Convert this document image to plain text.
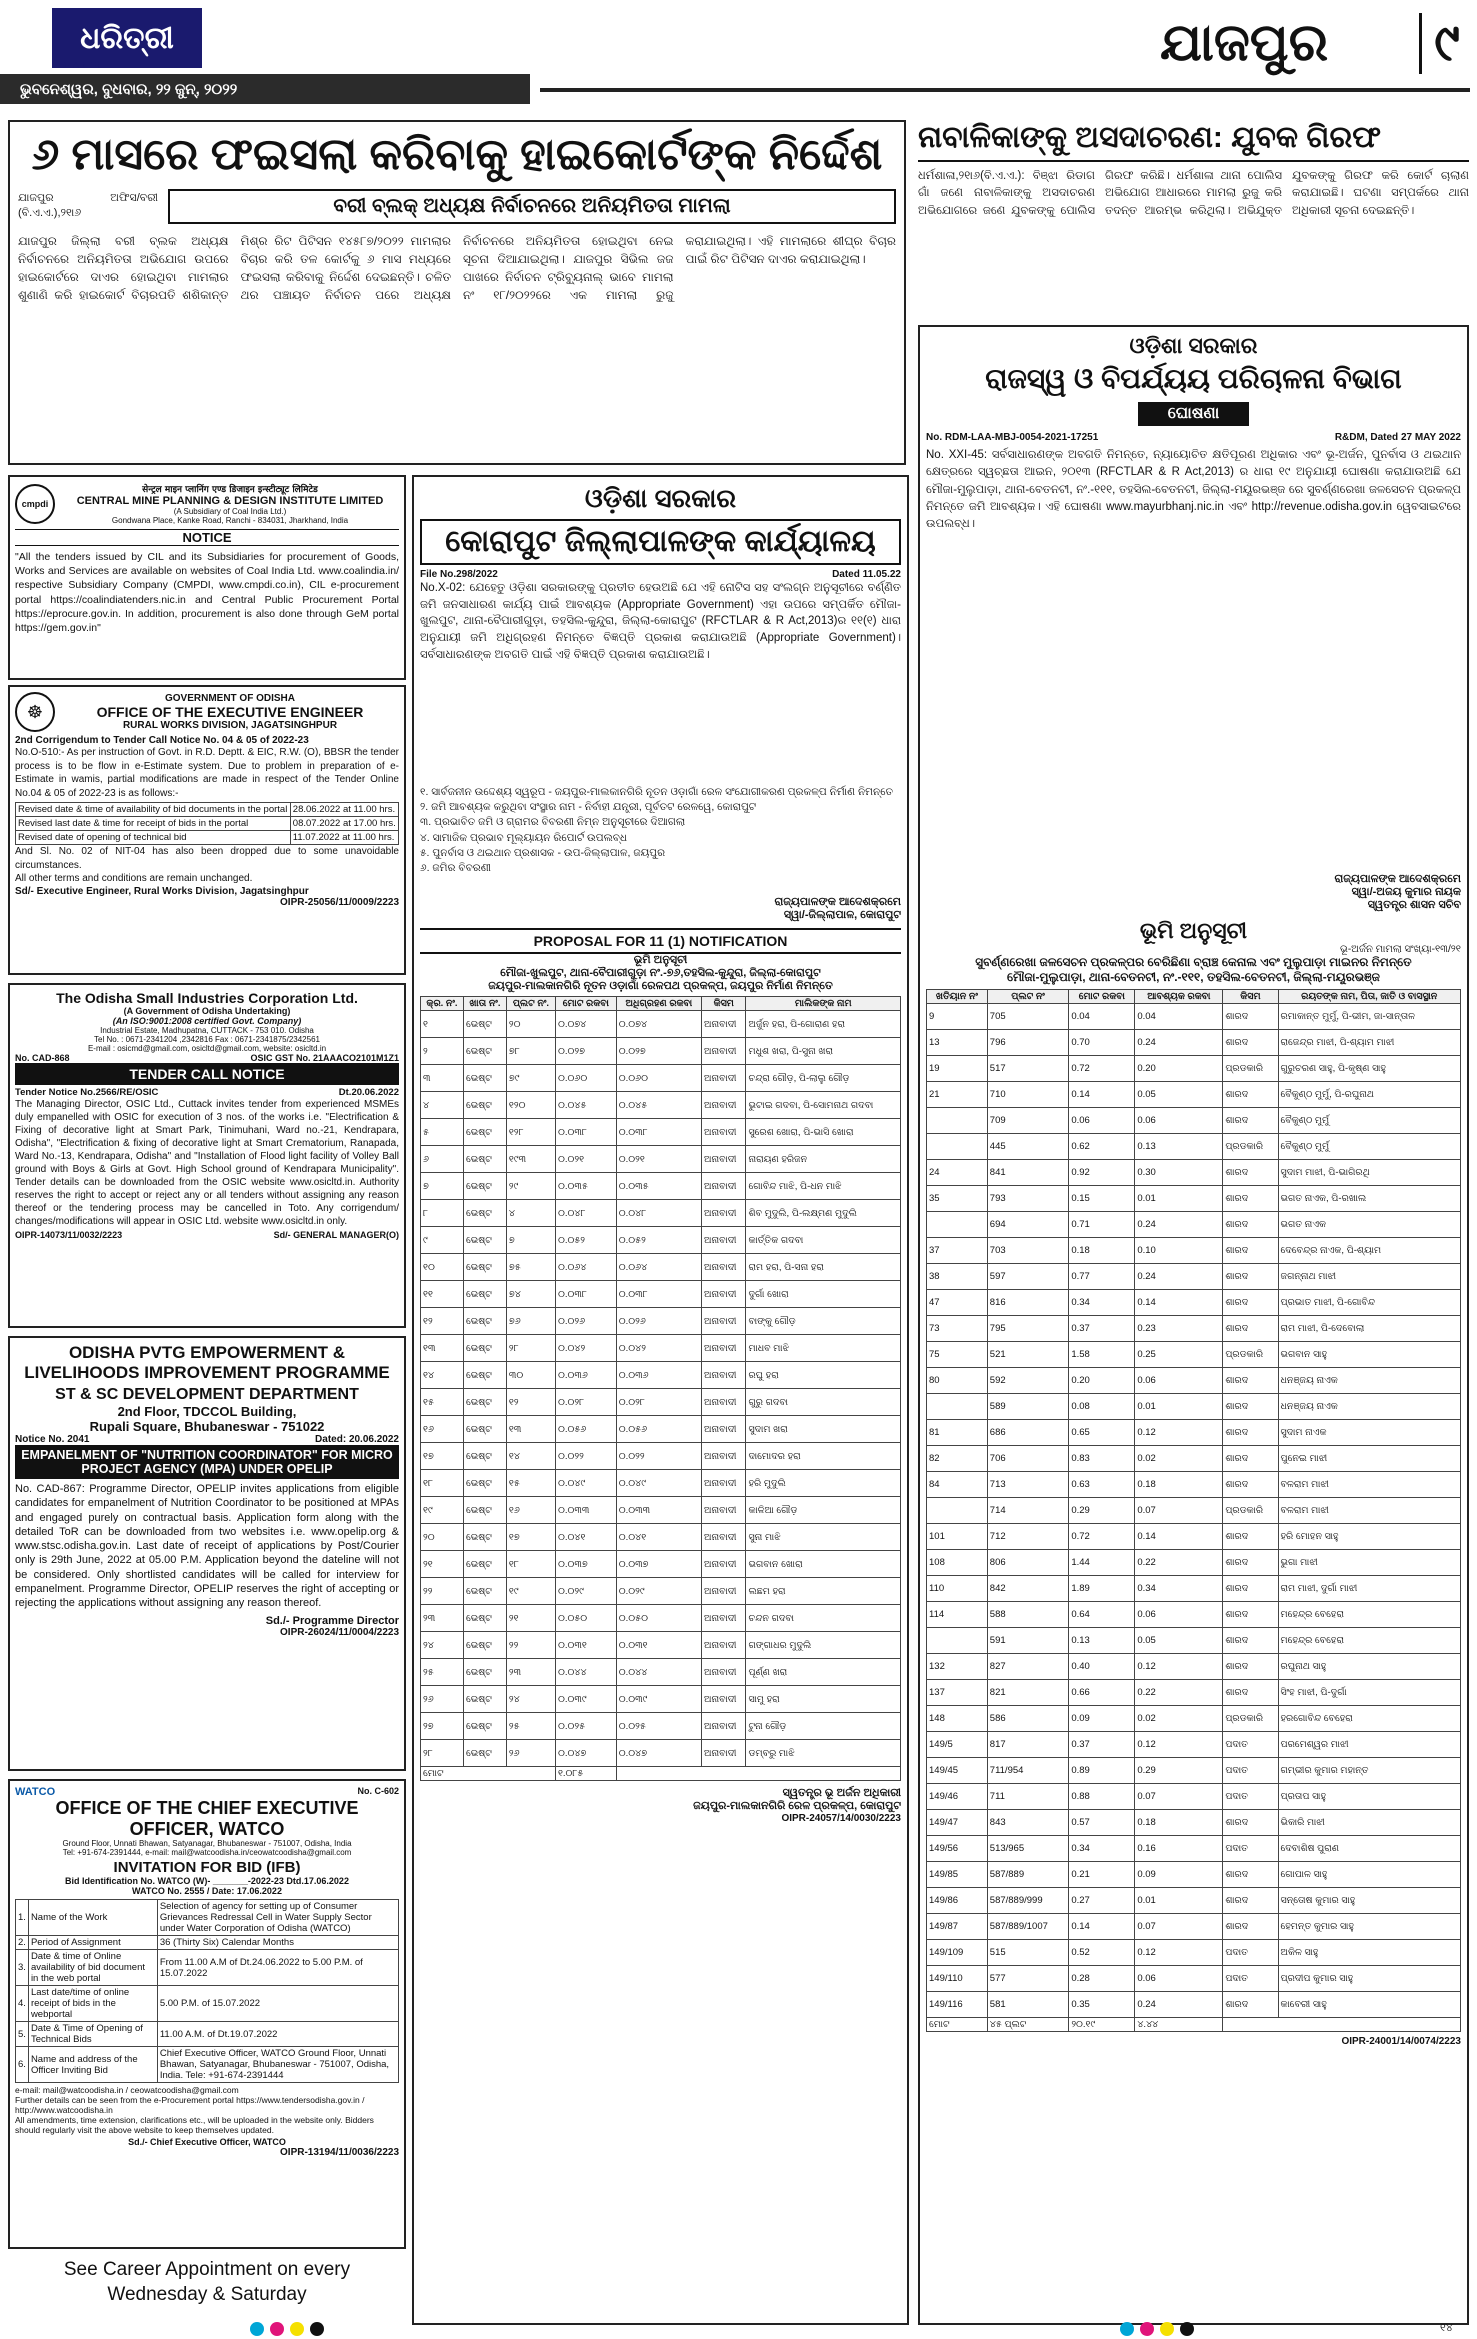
ଧରିତ୍ରୀ
DHARITRI
ଭୁବନେଶ୍ୱର, ବୁଧବାର, ୨୨ ଜୁନ୍, ୨୦୨୨
ଯାଜପୁର ୯
୬ ମାସରେ ଫଇସଲା କରିବାକୁ ହାଇକୋର୍ଟଙ୍କ ନିର୍ଦ୍ଦେଶ
ଯାଜପୁର ଅଫିସ/ବରୀ (ବି.ଏ.ଏ.),୨୧ା୬	ବରୀ ବ୍ଲକ୍ ଅଧ୍ୟକ୍ଷ ନିର୍ବାଚନରେ ଅନିୟମିତତା ମାମଲା
ଯାଜପୁର ଜିଲ୍ଲା ବରୀ ବ୍ଲକ ଅଧ୍ୟକ୍ଷ ନିର୍ବାଚନରେ ଅନିୟମିତତା ଅଭିଯୋଗ ଉପରେ ହାଇକୋର୍ଟରେ ଦାଏର ହୋଇଥିବା ମାମଲାର ଶୁଣାଣି କରି ହାଇକୋର୍ଟ ବିଚାରପତି ଶଶିକାନ୍ତ ମିଶ୍ର ରିଟ ପିଟିସନ ୧୪୫୮୭/୨୦୨୨ ମାମଲାର ବିଚାର କରି ତଳ କୋର୍ଟକୁ ୬ ମାସ ମଧ୍ୟରେ ଫଇସଲା କରିବାକୁ ନିର୍ଦ୍ଦେଶ ଦେଇଛନ୍ତି। ଚଳିତ ଥର ପଞ୍ଚାୟତ ନିର୍ବାଚନ ପରେ ଅଧ୍ୟକ୍ଷ ନିର୍ବାଚନରେ ଅନିୟମିତତା ହୋଇଥିବା ନେଇ ସୂଚନା ଦିଆଯାଇଥିଲା। ଯାଜପୁର ସିଭିଲ ଜଜ ପାଖରେ ନିର୍ବାଚନ ଟ୍ରିବ୍ୟୁନାଲ୍ ଭାବେ ମାମଲା ନଂ ୧୮/୨୦୨୨ରେ ଏକ ମାମଲା ରୁଜୁ କରାଯାଇଥିଲା। ଏହି ମାମଲାରେ ଶୀଘ୍ର ବିଚାର ପାଇଁ ରିଟ ପିଟିସନ ଦାଏର କରାଯାଇଥିଲା।
ନାବାଳିକାଙ୍କୁ ଅସଦାଚରଣ: ଯୁବକ ଗିରଫ
ଧର୍ମଶାଳା,୨୧ା୬(ବି.ଏ.ଏ.): ବିଞ୍ଝା ରିଡାଗ ଗାଁ ଜଣେ ନାବାଳିକାଙ୍କୁ ଅସଦାଚରଣ ଅଭିଯୋଗରେ ଜଣେ ଯୁବକଙ୍କୁ ପୋଲିସ ଗିରଫ କରିଛି। ଧର୍ମଶାଳା ଥାନା ପୋଲିସ ଅଭିଯୋଗ ଆଧାରରେ ମାମଲା ରୁଜୁ କରି ତଦନ୍ତ ଆରମ୍ଭ କରିଥିଲା। ଅଭିଯୁକ୍ତ ଯୁବକଙ୍କୁ ଗିରଫ କରି କୋର୍ଟ ଚାଲାଣ କରାଯାଇଛି। ଘଟଣା ସମ୍ପର୍କରେ ଥାନା ଅଧିକାରୀ ସୂଚନା ଦେଇଛନ୍ତି।
ଓଡ଼ିଶା ସରକାର
ରାଜସ୍ୱ ଓ ବିପର୍ଯ୍ୟୟ ପରିଚାଳନା ବିଭାଗ
ଘୋଷଣା
No. RDM-LAA-MBJ-0054-2021-17251	R&DM, Dated 27 MAY 2022
No. XXI-45: ସର୍ବସାଧାରଣଙ୍କ ଅବଗତି ନିମନ୍ତେ, ନ୍ୟାୟୋଚିତ କ୍ଷତିପୂରଣ ଅଧିକାର ଏବଂ ଭୂ-ଅର୍ଜନ, ପୁନର୍ବାସ ଓ ଥଇଥାନ କ୍ଷେତ୍ରରେ ସ୍ୱଚ୍ଛତା ଆଇନ, ୨୦୧୩ (RFCTLAR & R Act,2013) ର ଧାରା ୧୯ ଅନୁଯାୟୀ ଘୋଷଣା କରାଯାଉଅଛି ଯେ ମୌଜା-ମୁଲୁପାଡ଼ା, ଥାନା-ବେତନଟୀ, ନଂ.-୧୧୧, ତହସିଲ-ବେତନଟୀ, ଜିଲ୍ଲା-ମୟୂରଭଞ୍ଜ ରେ ସୁବର୍ଣ୍ଣରେଖା ଜଳସେଚନ ପ୍ରକଳ୍ପ ନିମନ୍ତେ ଜମି ଆବଶ୍ୟକ। ଏହି ଘୋଷଣା www.mayurbhanj.nic.in ଏବଂ http://revenue.odisha.gov.in ୱେବସାଇଟରେ ଉପଲବ୍ଧ।
ରାଜ୍ୟପାଳଙ୍କ ଆଦେଶକ୍ରମେ
ସ୍ୱା/-ଅଜୟ କୁମାର ନାୟକ
ସ୍ୱତନ୍ତ୍ର ଶାସନ ସଚିବ
ଭୂମି ଅନୁସୂଚୀ
ଭୂ-ଅର୍ଜନ ମାମଲା ସଂଖ୍ୟା-୧୩/୨୧
ସୁବର୍ଣ୍ଣରେଖା ଜଳସେଚନ ପ୍ରକଳ୍ପର ବେରିଛିଣା ବ୍ରାଞ୍ଚ କେନାଲ ଏବଂ ମୁଲୁପାଡ଼ା ମାଇନର ନିମନ୍ତେ
ମୌଜା-ମୁଲୁପାଡ଼ା, ଥାନା-ବେତନଟୀ, ନଂ.-୧୧୧, ତହସିଲ-ବେତନଟୀ, ଜିଲ୍ଲା-ମୟୂରଭଞ୍ଜ
ଖତିୟାନ ନଂ	ପ୍ଲଟ ନଂ	ମୋଟ ରକବା	ଆବଶ୍ୟକ ରକବା	କିସମ	ରୟତଙ୍କ ନାମ, ପିତା, ଜାତି ଓ ବାସସ୍ଥାନ
9	705	0.04	0.04	ଶାରଦ	ରମାକାନ୍ତ ମୁର୍ମୁ, ପି-ଭୀମ, ଜା-ସାନ୍ତାଳ
13	796	0.70	0.24	ଶାରଦ	ରାଜେନ୍ଦ୍ର ମାଝୀ, ପି-ଶ୍ୟାମ ମାଝୀ
19	517	0.72	0.20	ପ୍ରଡକାରି	ଗୁରୁଚରଣ ସାହୁ, ପି-କୃଷ୍ଣ ସାହୁ
21	710	0.14	0.05	ଶାରଦ	ବୈକୁଣ୍ଠ ମୁର୍ମୁ, ପି-ରଘୁନାଥ
	709	0.06	0.06	ଶାରଦ	ବୈକୁଣ୍ଠ ମୁର୍ମୁ
	445	0.62	0.13	ପ୍ରଡକାରି	ବୈକୁଣ୍ଠ ମୁର୍ମୁ
24	841	0.92	0.30	ଶାରଦ	ସୁଦାମ ମାଝୀ, ପି-ଭାଗିରଥି
35	793	0.15	0.01	ଶାରଦ	ଭଗତ ନାଏକ, ପି-ରଖାଲ
	694	0.71	0.24	ଶାରଦ	ଭଗତ ନାଏକ
37	703	0.18	0.10	ଶାରଦ	ଦେବେନ୍ଦ୍ର ନାଏକ, ପି-ଶ୍ୟାମ
38	597	0.77	0.24	ଶାରଦ	ଜଗନ୍ନାଥ ମାଝୀ
47	816	0.34	0.14	ଶାରଦ	ପ୍ରଭାତ ମାଝୀ, ପି-ଗୋବିନ୍ଦ
73	795	0.37	0.23	ଶାରଦ	ରାମ ମାଝୀ, ପି-ଦେବୋଲା
75	521	1.58	0.25	ପ୍ରଡକାରି	ଭଗବାନ ସାହୁ
80	592	0.20	0.06	ଶାରଦ	ଧନଞ୍ଜୟ ନାଏକ
	589	0.08	0.01	ଶାରଦ	ଧନଞ୍ଜୟ ନାଏକ
81	686	0.65	0.12	ଶାରଦ	ସୁଦାମ ନାଏକ
82	706	0.83	0.02	ଶାରଦ	ପୁନେଇ ମାଝୀ
84	713	0.63	0.18	ଶାରଦ	ବଳରାମ ମାଝୀ
	714	0.29	0.07	ପ୍ରଡକାରି	ବଳରାମ ମାଝୀ
101	712	0.72	0.14	ଶାରଦ	ହରି ମୋହନ ସାହୁ
108	806	1.44	0.22	ଶାରଦ	ଭୁଗା ମାଝୀ
110	842	1.89	0.34	ଶାରଦ	ରାମ ମାଝୀ, ଦୁର୍ଗା ମାଝୀ
114	588	0.64	0.06	ଶାରଦ	ମହେନ୍ଦ୍ର ବେହେରା
	591	0.13	0.05	ଶାରଦ	ମହେନ୍ଦ୍ର ବେହେରା
132	827	0.40	0.12	ଶାରଦ	ରଘୁନାଥ ସାହୁ
137	821	0.66	0.22	ଶାରଦ	ସିଂହ ମାଝୀ, ପି-ଦୁର୍ଗା
148	586	0.09	0.02	ପ୍ରଡକାରି	ହରଗୋବିନ୍ଦ ବେହେରା
149/5	817	0.37	0.12	ପଦାତ	ପରମେଶ୍ୱର ମାଝୀ
149/45	711/954	0.89	0.29	ପଦାତ	ଗମ୍ଭୀର କୁମାର ମହାନ୍ତ
149/46	711	0.88	0.07	ପଦାତ	ପ୍ରତାପ ସାହୁ
149/47	843	0.57	0.18	ଶାରଦ	ଭିକାରି ମାଝୀ
149/56	513/965	0.34	0.16	ପଦାତ	ଦେବାଶିଷ ପୁରାଣ
149/85	587/889	0.21	0.09	ଶାରଦ	ଗୋପାଳ ସାହୁ
149/86	587/889/999	0.27	0.01	ଶାରଦ	ସନ୍ତୋଷ କୁମାର ସାହୁ
149/87	587/889/1007	0.14	0.07	ଶାରଦ	ହେମନ୍ତ କୁମାର ସାହୁ
149/109	515	0.52	0.12	ପଦାତ	ଅକିଳ ସାହୁ
149/110	577	0.28	0.06	ପଦାତ	ପ୍ରଦୀପ କୁମାର ସାହୁ
149/116	581	0.35	0.24	ଶାରଦ	କାବେରୀ ସାହୁ
ମୋଟ	୪୫ ପ୍ଲଟ	୨୦.୧୯	୪.୪୪		
OIPR-24001/14/0074/2223
cmpdi
सेन्ट्रल माइन प्लानिंग एण्ड डिजाइन इन्स्टीट्यूट लिमिटेड
CENTRAL MINE PLANNING & DESIGN INSTITUTE LIMITED
(A Subsidiary of Coal India Ltd.)
Gondwana Place, Kanke Road, Ranchi - 834031, Jharkhand, India
NOTICE
"All the tenders issued by CIL and its Subsidiaries for procurement of Goods, Works and Services are available on websites of Coal India Ltd. www.coalindia.in/ respective Subsidiary Company (CMPDI, www.cmpdi.co.in), CIL e-procurement portal https://coalindiatenders.nic.in and Central Public Procurement Portal https://eprocure.gov.in. In addition, procurement is also done through GeM portal https://gem.gov.in"
☸
GOVERNMENT OF ODISHA
OFFICE OF THE EXECUTIVE ENGINEER
RURAL WORKS DIVISION, JAGATSINGHPUR
2nd Corrigendum to Tender Call Notice No. 04 & 05 of 2022-23
No.O-510:- As per instruction of Govt. in R.D. Deptt. & EIC, R.W. (O), BBSR the tender process is to be flow in e-Estimate system. Due to problem in preparation of e-Estimate in wamis, partial modifications are made in respect of the Tender Online No.04 & 05 of 2022-23 is as follows:-
Revised date & time of availability of bid documents in the portal	28.06.2022 at 11.00 hrs.
Revised last date & time for receipt of bids in the portal	08.07.2022 at 17.00 hrs.
Revised date of opening of technical bid	11.07.2022 at 11.00 hrs.
And Sl. No. 02 of NIT-04 has also been dropped due to some unavoidable circumstances.
All other terms and conditions are remain unchanged.
Sd/- Executive Engineer, Rural Works Division, Jagatsinghpur
OIPR-25056/11/0009/2223
The Odisha Small Industries Corporation Ltd.
(A Government of Odisha Undertaking)
(An ISO:9001:2008 certified Govt. Company)
Industrial Estate, Madhupatna, CUTTACK - 753 010. Odisha
Tel No. : 0671-2341204 ,2342816 Fax : 0671-2341875/2342561
E-mail : osicmd@gmail.com, osicltd@gmail.com, website: osicltd.in
No. CAD-868	OSIC GST No. 21AAACO2101M1Z1
TENDER CALL NOTICE
Tender Notice No.2566/RE/OSIC	Dt.20.06.2022
The Managing Director, OSIC Ltd., Cuttack invites tender from experienced MSMEs duly empanelled with OSIC for execution of 3 nos. of the works i.e. "Electrification & Fixing of decorative light at Smart Park, Tinimuhani, Ward no.-21, Kendrapara, Odisha", "Electrification & fixing of decorative light at Smart Crematorium, Ranapada, Ward No.-13, Kendrapara, Odisha" and "Installation of Flood light facility of Volley Ball ground with Boys & Girls at Govt. High School ground of Kendrapara Municipality". Tender details can be downloaded from the OSIC website www.osicltd.in. Authority reserves the right to accept or reject any or all tenders without assigning any reason thereof or the tendering process may be cancelled in Toto. Any corrigendum/ changes/modifications will appear in OSIC Ltd. website www.osicltd.in only.
OIPR-14073/11/0032/2223	Sd/- GENERAL MANAGER(O)
ODISHA PVTG EMPOWERMENT & LIVELIHOODS IMPROVEMENT PROGRAMME
ST & SC DEVELOPMENT DEPARTMENT
2nd Floor, TDCCOL Building,
Rupali Square, Bhubaneswar - 751022
Notice No. 2041	Dated: 20.06.2022
EMPANELMENT OF "NUTRITION COORDINATOR" FOR MICRO PROJECT AGENCY (MPA) UNDER OPELIP
No. CAD-867: Programme Director, OPELIP invites applications from eligible candidates for empanelment of Nutrition Coordinator to be positioned at MPAs and engaged purely on contractual basis. Application form along with the detailed ToR can be downloaded from two websites i.e. www.opelip.org & www.stsc.odisha.gov.in. Last date of receipt of applications by Post/Courier only is 29th June, 2022 at 05.00 P.M. Application beyond the dateline will not be considered. Only shortlisted candidates will be called for interview for empanelment. Programme Director, OPELIP reserves the right of accepting or rejecting the applications without assigning any reason thereof.
Sd./- Programme Director
OIPR-26024/11/0004/2223
WATCO	No. C-602
OFFICE OF THE CHIEF EXECUTIVE OFFICER, WATCO
Ground Floor, Unnati Bhawan, Satyanagar, Bhubaneswar - 751007, Odisha, India
Tel: +91-674-2391444, e-mail: mail@watcoodisha.in/ceowatcoodisha@gmail.com
INVITATION FOR BID (IFB)
Bid Identification No. WATCO (W)- _______-2022-23 Dtd.17.06.2022
WATCO No. 2555 / Date: 17.06.2022
1.	Name of the Work	Selection of agency for setting up of Consumer Grievances Redressal Cell in Water Supply Sector under Water Corporation of Odisha (WATCO)
2.	Period of Assignment	36 (Thirty Six) Calendar Months
3.	Date & time of Online availability of bid document in the web portal	From 11.00 A.M of Dt.24.06.2022 to 5.00 P.M. of 15.07.2022
4.	Last date/time of online receipt of bids in the webportal	5.00 P.M. of 15.07.2022
5.	Date & Time of Opening of Technical Bids	11.00 A.M. of Dt.19.07.2022
6.	Name and address of the Officer Inviting Bid	Chief Executive Officer, WATCO Ground Floor, Unnati Bhawan, Satyanagar, Bhubaneswar - 751007, Odisha, India. Tele: +91-674-2391444
e-mail: mail@watcoodisha.in / ceowatcoodisha@gmail.com
Further details can be seen from the e-Procurement portal https://www.tendersodisha.gov.in / http://www.watcoodisha.in
All amendments, time extension, clarifications etc., will be uploaded in the website only. Bidders should regularly visit the above website to keep themselves updated.
Sd./- Chief Executive Officer, WATCO
OIPR-13194/11/0036/2223
See Career Appointment on every
Wednesday & Saturday
ଓଡ଼ିଶା ସରକାର
କୋରାପୁଟ ଜିଲ୍ଲାପାଳଙ୍କ କାର୍ଯ୍ୟାଳୟ
File No.298/2022	Dated 11.05.22
No.X-02: ଯେହେତୁ ଓଡ଼ିଶା ସରକାରଙ୍କୁ ପ୍ରତୀତ ହେଉଅଛି ଯେ ଏହି ନୋଟିସ ସହ ସଂଲଗ୍ନ ଅନୁସୂଚୀରେ ବର୍ଣ୍ଣିତ ଜମି ଜନସାଧାରଣ କାର୍ଯ୍ୟ ପାଇଁ ଆବଶ୍ୟକ (Appropriate Government) ଏହା ଉପରେ ସମ୍ପର୍କିତ ମୌଜା-ଖୁଲପୁଟ, ଥାନା-ବୈପାରୀଗୁଡ଼ା, ତହସିଲ-କୁନ୍ଦୁରା, ଜିଲ୍ଲା-କୋରାପୁଟ (RFCTLAR & R Act,2013)ର ୧୧(୧) ଧାରା ଅନୁଯାୟୀ ଜମି ଅଧିଗ୍ରହଣ ନିମନ୍ତେ ବିଜ୍ଞପ୍ତି ପ୍ରକାଶ କରାଯାଉଅଛି (Appropriate Government)। ସର୍ବସାଧାରଣଙ୍କ ଅବଗତି ପାଇଁ ଏହି ବିଜ୍ଞପ୍ତି ପ୍ରକାଶ କରାଯାଉଅଛି।
୧. ସାର୍ବଜନୀନ ଉଦ୍ଦେଶ୍ୟ ସ୍ୱରୂପ - ଜୟପୁର-ମାଲକାନଗିରି ନୂତନ ଓଡ଼ାଗାଁ ରେଳ ସଂଯୋଗୀକରଣ ପ୍ରକଳ୍ପ ନିର୍ମାଣ ନିମନ୍ତେ
୨. ଜମି ଆବଶ୍ୟକ କରୁଥିବା ସଂସ୍ଥାର ନାମ - ନିର୍ବାହୀ ଯନ୍ତ୍ରୀ, ପୂର୍ବତଟ ରେଳୱେ, କୋରାପୁଟ
୩. ପ୍ରଭାବିତ ଜମି ଓ ଗ୍ରାମର ବିବରଣୀ ନିମ୍ନ ଅନୁସୂଚୀରେ ଦିଆଗଲା
୪. ସାମାଜିକ ପ୍ରଭାବ ମୂଲ୍ୟାୟନ ରିପୋର୍ଟ ଉପଲବ୍ଧ
୫. ପୁନର୍ବାସ ଓ ଥଇଥାନ ପ୍ରଶାସକ - ଉପ-ଜିଲ୍ଲାପାଳ, ଜୟପୁର
୬. ଜମିର ବିବରଣୀ
ରାଜ୍ୟପାଳଙ୍କ ଆଦେଶକ୍ରମେ
ସ୍ୱା/-ଜିଲ୍ଲାପାଳ, କୋରାପୁଟ
PROPOSAL FOR 11 (1) NOTIFICATION
ଭୂମି ଅନୁସୂଚୀ
ମୌଜା-ଖୁଲପୁଟ, ଥାନା-ବୈପାରୀଗୁଡ଼ା ନଂ.-୭୬,ତହସିଲ-କୁନ୍ଦୁରା, ଜିଲ୍ଲା-କୋରାପୁଟ
ଜୟପୁର-ମାଲକାନଗିରି ନୂତନ ଓଡ଼ାଗାଁ ରେଳପଥ ପ୍ରକଳ୍ପ, ଜୟପୁର ନିର୍ମାଣ ନିମନ୍ତେ
କ୍ର. ନଂ.	ଖାତା ନଂ.	ପ୍ଲଟ ନଂ.	ମୋଟ ରକବା	ଅଧିଗ୍ରହଣ ରକବା	କିସମ	ମାଲିକଙ୍କ ନାମ
୧	ଭେଷ୍ଟ	୨୦	୦.୦୭୪	୦.୦୭୪	ଅନାବାଦୀ	ଅର୍ଜୁନ ହରା, ପି-ଗୋରାଣ ହରା
୨	ଭେଷ୍ଟ	୭୮	୦.୦୨୭	୦.୦୨୭	ଅନାବାଦୀ	ମଧୁଶ ଖରା, ପି-ସୁନା ଖରା
୩	ଭେଷ୍ଟ	୭୯	୦.୦୬୦	୦.୦୬୦	ଅନାବାଦୀ	ଚନ୍ଦ୍ରା ଗୌଡ଼, ପି-ଲାଲୁ ଗୌଡ଼
୪	ଭେଷ୍ଟ	୧୨୦	୦.୦୪୫	୦.୦୪୫	ଅନାବାଦୀ	ଭୁଟାଇ ଗଦବା, ପି-ସୋମନାଥ ଗଦବା
୫	ଭେଷ୍ଟ	୧୨୮	୦.୦୩୮	୦.୦୩୮	ଅନାବାଦୀ	ସୁରେଶ ଖୋରା, ପି-ଭାସି ଖୋରା
୬	ଭେଷ୍ଟ	୧୯୩	୦.୦୨୧	୦.୦୨୧	ଅନାବାଦୀ	ନାରାୟଣ ହରିଜନ
୭	ଭେଷ୍ଟ	୨୯	୦.୦୩୫	୦.୦୩୫	ଅନାବାଦୀ	ଗୋବିନ୍ଦ ମାଝି, ପି-ଧନ ମାଝି
୮	ଭେଷ୍ଟ	୪	୦.୦୪୮	୦.୦୪୮	ଅନାବାଦୀ	ଶିବ ମୁଦୁଲି, ପି-ଲକ୍ଷ୍ମଣ ମୁଦୁଲି
୯	ଭେଷ୍ଟ	୭	୦.୦୫୨	୦.୦୫୨	ଅନାବାଦୀ	କାର୍ତ୍ତିକ ଗଦବା
୧୦	ଭେଷ୍ଟ	୭୫	୦.୦୬୪	୦.୦୬୪	ଅନାବାଦୀ	ରାମ ହରା, ପି-ସନା ହରା
୧୧	ଭେଷ୍ଟ	୭୪	୦.୦୩୮	୦.୦୩୮	ଅନାବାଦୀ	ଦୁର୍ଗା ଖୋରା
୧୨	ଭେଷ୍ଟ	୭୬	୦.୦୨୬	୦.୦୨୬	ଅନାବାଦୀ	ବାଙ୍କୁ ଗୌଡ଼
୧୩	ଭେଷ୍ଟ	୨୮	୦.୦୪୨	୦.୦୪୨	ଅନାବାଦୀ	ମାଧବ ମାଝି
୧୪	ଭେଷ୍ଟ	୩୦	୦.୦୩୬	୦.୦୩୬	ଅନାବାଦୀ	ରଘୁ ହରା
୧୫	ଭେଷ୍ଟ	୧୨	୦.୦୨୮	୦.୦୨୮	ଅନାବାଦୀ	ଗୁରୁ ଗଦବା
୧୬	ଭେଷ୍ଟ	୧୩	୦.୦୫୬	୦.୦୫୬	ଅନାବାଦୀ	ସୁଦାମ ଖରା
୧୭	ଭେଷ୍ଟ	୧୪	୦.୦୨୨	୦.୦୨୨	ଅନାବାଦୀ	ଦାମୋଦର ହରା
୧୮	ଭେଷ୍ଟ	୧୫	୦.୦୪୯	୦.୦୪୯	ଅନାବାଦୀ	ହରି ମୁଦୁଲି
୧୯	ଭେଷ୍ଟ	୧୬	୦.୦୩୩	୦.୦୩୩	ଅନାବାଦୀ	କାଳିଆ ଗୌଡ଼
୨୦	ଭେଷ୍ଟ	୧୭	୦.୦୪୧	୦.୦୪୧	ଅନାବାଦୀ	ସୁନା ମାଝି
୨୧	ଭେଷ୍ଟ	୧୮	୦.୦୩୭	୦.୦୩୭	ଅନାବାଦୀ	ଭଗବାନ ଖୋରା
୨୨	ଭେଷ୍ଟ	୧୯	୦.୦୨୯	୦.୦୨୯	ଅନାବାଦୀ	ଲଛମ ହରା
୨୩	ଭେଷ୍ଟ	୨୧	୦.୦୫୦	୦.୦୫୦	ଅନାବାଦୀ	ଚନ୍ଦନ ଗଦବା
୨୪	ଭେଷ୍ଟ	୨୨	୦.୦୩୧	୦.୦୩୧	ଅନାବାଦୀ	ଗଙ୍ଗାଧର ମୁଦୁଲି
୨୫	ଭେଷ୍ଟ	୨୩	୦.୦୪୪	୦.୦୪୪	ଅନାବାଦୀ	ପୂର୍ଣ୍ଣ ଖରା
୨୬	ଭେଷ୍ଟ	୨୪	୦.୦୩୯	୦.୦୩୯	ଅନାବାଦୀ	ସାମୁ ହରା
୨୭	ଭେଷ୍ଟ	୨୫	୦.୦୨୫	୦.୦୨୫	ଅନାବାଦୀ	ଟୁନା ଗୌଡ଼
୨୮	ଭେଷ୍ଟ	୨୬	୦.୦୪୭	୦.୦୪୭	ଅନାବାଦୀ	ଡମ୍ବରୁ ମାଝି
ମୋଟ			୧.୦୮୫			
ସ୍ୱତନ୍ତ୍ର ଭୂ ଅର୍ଜନ ଅଧିକାରୀ
ଜୟପୁର-ମାଲକାନଗିରି ରେଳ ପ୍ରକଳ୍ପ, କୋରାପୁଟ
OIPR-24057/14/0030/2223
୧୪
